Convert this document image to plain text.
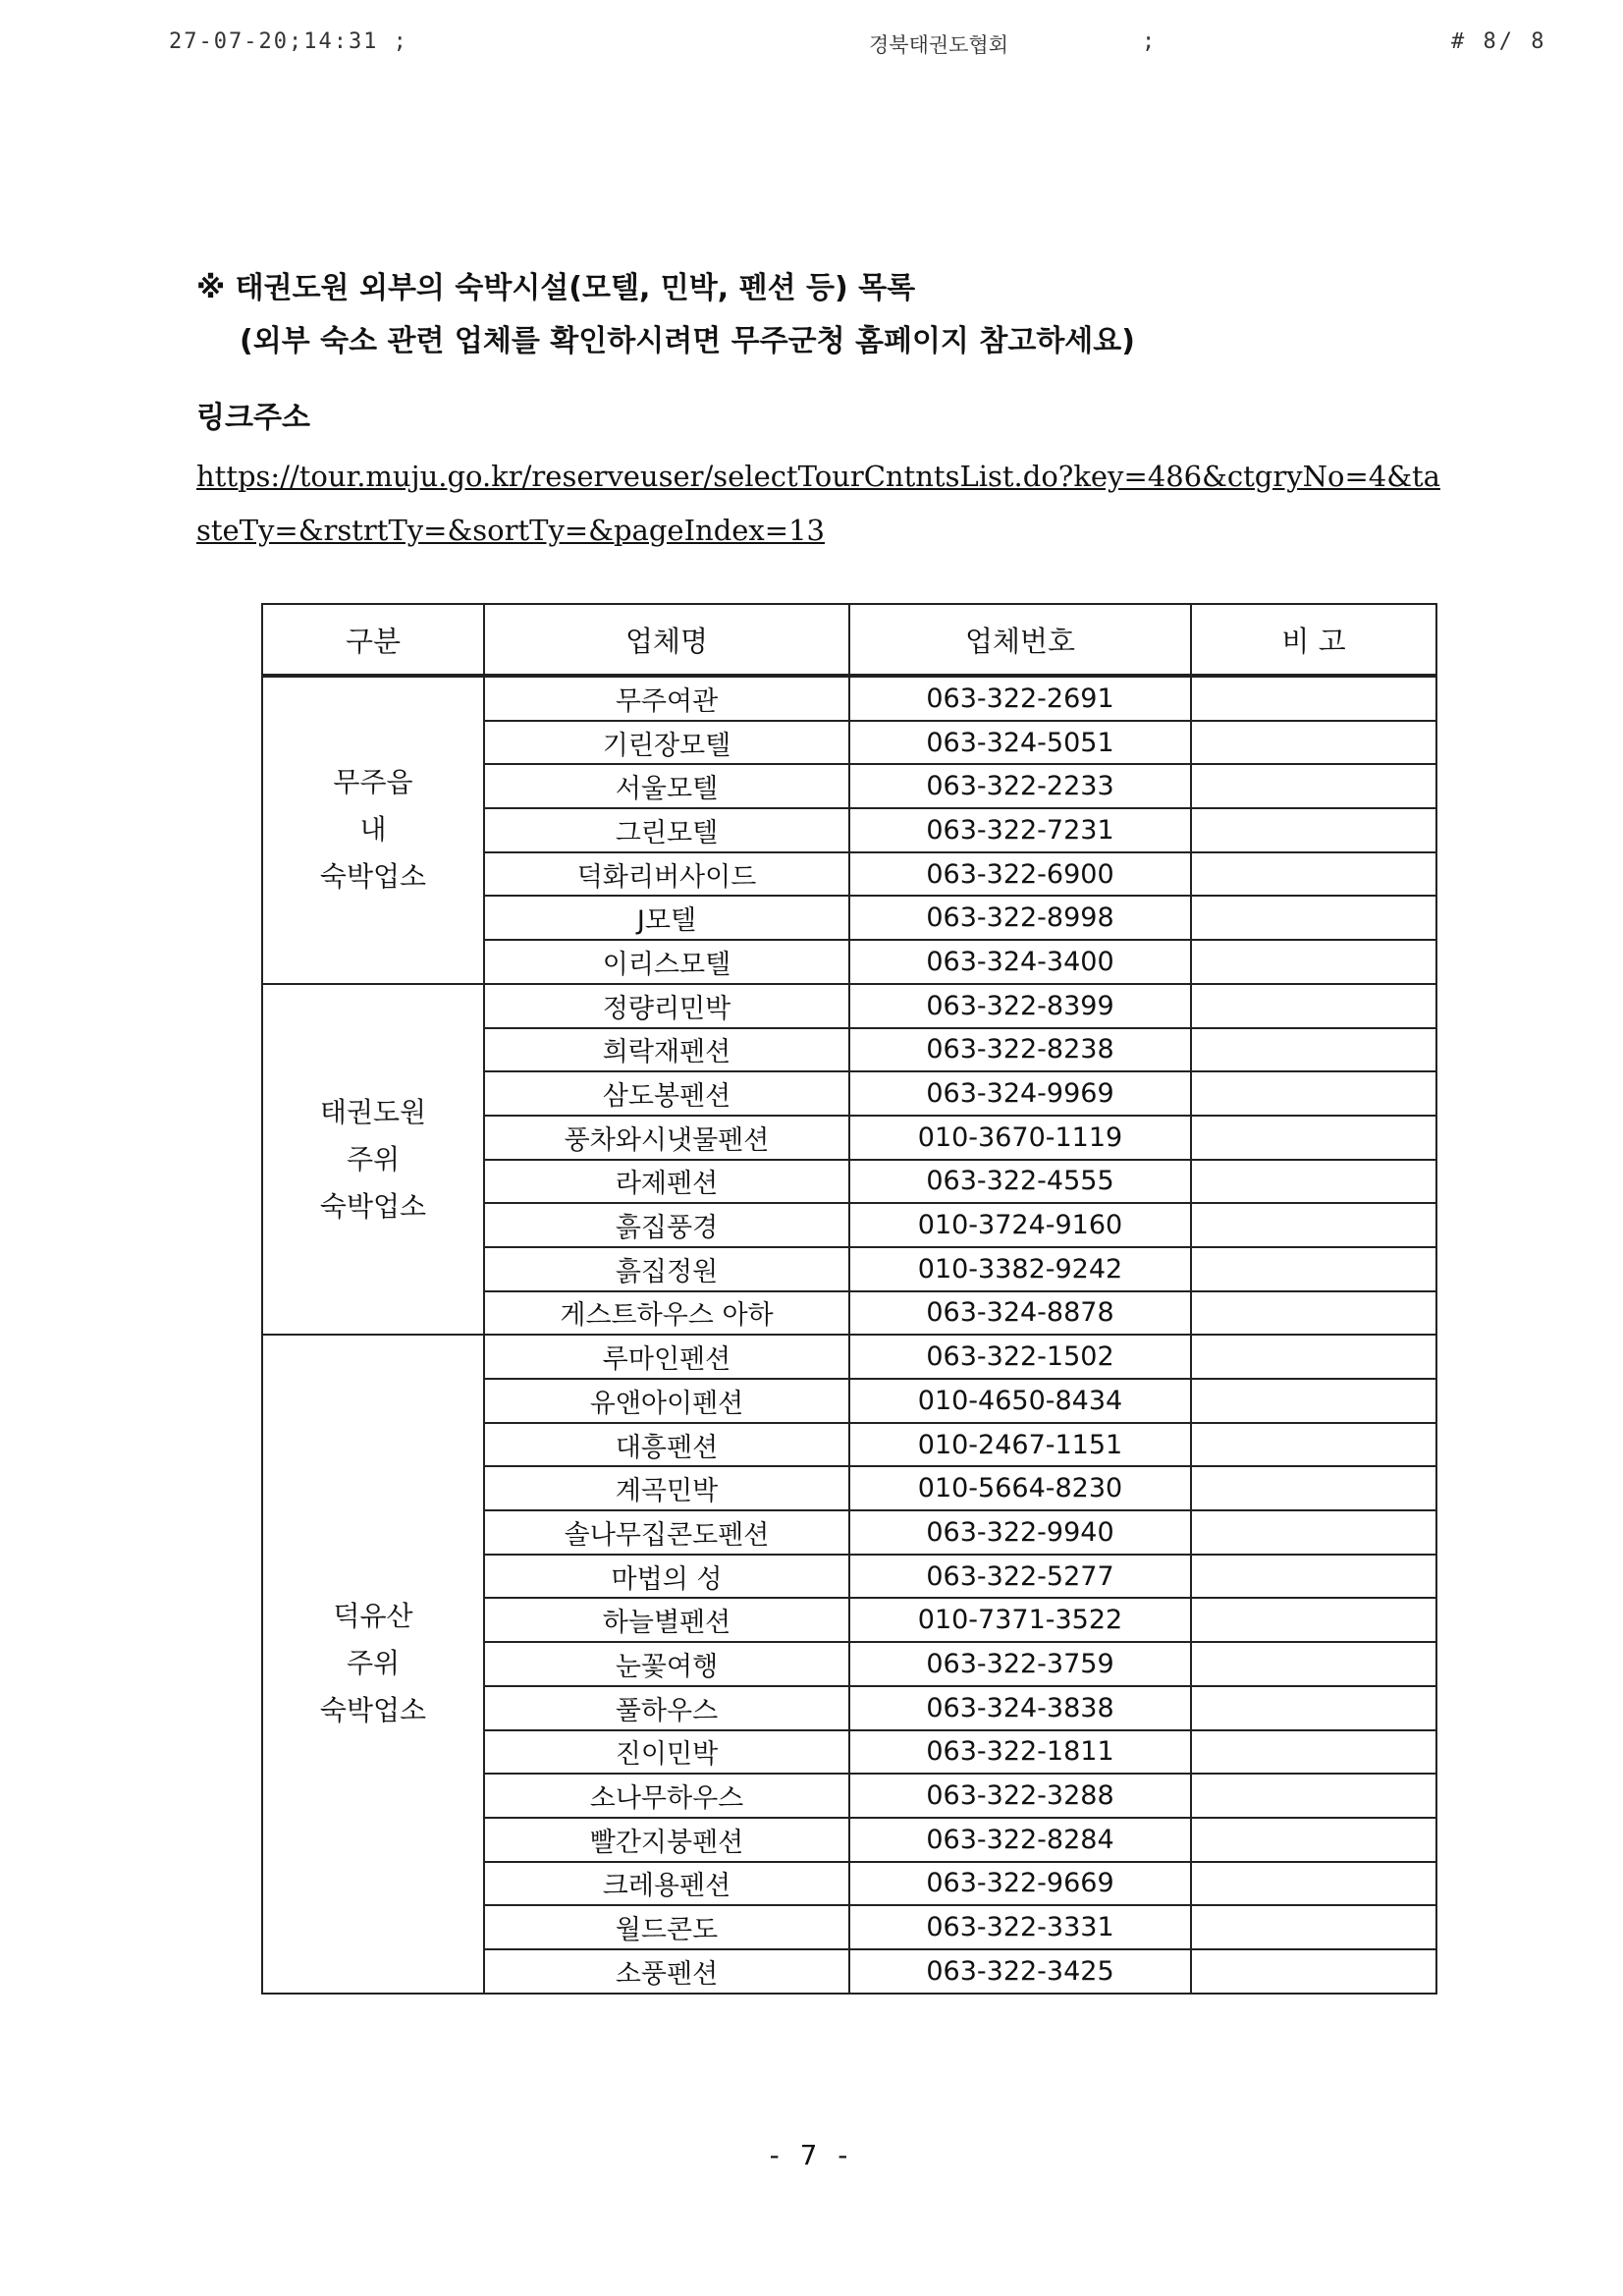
27-07-20;14:31 ;	경북태권도협회	;	# 8/ 8
※ 태권도원 외부의 숙박시설(모텔, 민박, 펜션 등) 목록
(외부 숙소 관련 업체를 확인하시려면 무주군청 홈페이지 참고하세요)
링크주소
https://tour.muju.go.kr/reserveuser/selectTourCntntsList.do?key=486&ctgryNo=4&ta
steTy=&rstrtTy=&sortTy=&pageIndex=13
구분	업체명	업체번호	비 고

무주읍
내
숙박업소	무주여관	063-322-2691	
	기린장모텔	063-324-5051	
	서울모텔	063-322-2233	
	그린모텔	063-322-7231	
	덕화리버사이드	063-322-6900	
	J모텔	063-322-8998	
	이리스모텔	063-324-3400	

태권도원
주위
숙박업소	정량리민박	063-322-8399	
	희락재펜션	063-322-8238	
	삼도봉펜션	063-324-9969	
	풍차와시냇물펜션	010-3670-1119	
	라제펜션	063-322-4555	
	흙집풍경	010-3724-9160	
	흙집정원	010-3382-9242	
	게스트하우스 아하	063-324-8878	

덕유산
주위
숙박업소	루마인펜션	063-322-1502	
	유앤아이펜션	010-4650-8434	
	대흥펜션	010-2467-1151	
	계곡민박	010-5664-8230	
	솔나무집콘도펜션	063-322-9940	
	마법의 성	063-322-5277	
	하늘별펜션	010-7371-3522	
	눈꽃여행	063-322-3759	
	풀하우스	063-324-3838	
	진이민박	063-322-1811	
	소나무하우스	063-322-3288	
	빨간지붕펜션	063-322-8284	
	크레용펜션	063-322-9669	
	월드콘도	063-322-3331	
	소풍펜션	063-322-3425	
- 7 -
